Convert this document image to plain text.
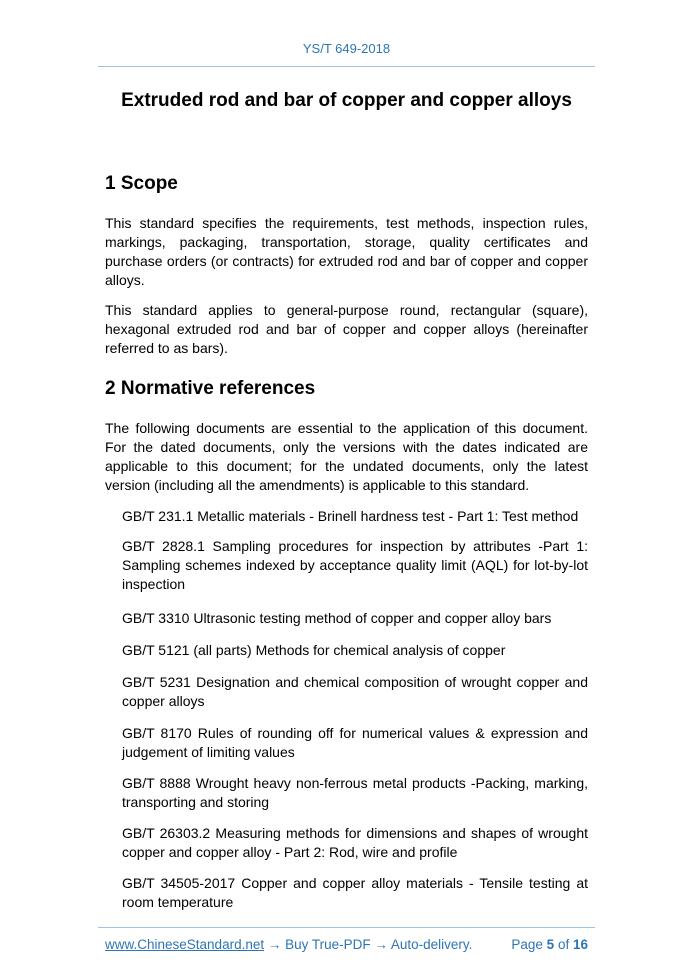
YS/T 649-2018
Extruded rod and bar of copper and copper alloys
1 Scope
This standard specifies the requirements, test methods, inspection rules, markings, packaging, transportation, storage, quality certificates and purchase orders (or contracts) for extruded rod and bar of copper and copper alloys.
This standard applies to general-purpose round, rectangular (square), hexagonal extruded rod and bar of copper and copper alloys (hereinafter referred to as bars).
2 Normative references
The following documents are essential to the application of this document. For the dated documents, only the versions with the dates indicated are applicable to this document; for the undated documents, only the latest version (including all the amendments) is applicable to this standard.
GB/T 231.1 Metallic materials - Brinell hardness test - Part 1: Test method
GB/T 2828.1 Sampling procedures for inspection by attributes -Part 1: Sampling schemes indexed by acceptance quality limit (AQL) for lot-by-lot inspection
GB/T 3310 Ultrasonic testing method of copper and copper alloy bars
GB/T 5121 (all parts) Methods for chemical analysis of copper
GB/T 5231 Designation and chemical composition of wrought copper and copper alloys
GB/T 8170 Rules of rounding off for numerical values & expression and judgement of limiting values
GB/T 8888 Wrought heavy non-ferrous metal products -Packing, marking, transporting and storing
GB/T 26303.2 Measuring methods for dimensions and shapes of wrought copper and copper alloy - Part 2: Rod, wire and profile
GB/T 34505-2017 Copper and copper alloy materials - Tensile testing at room temperature
www.ChineseStandard.net → Buy True-PDF → Auto-delivery.	Page 5 of 16
